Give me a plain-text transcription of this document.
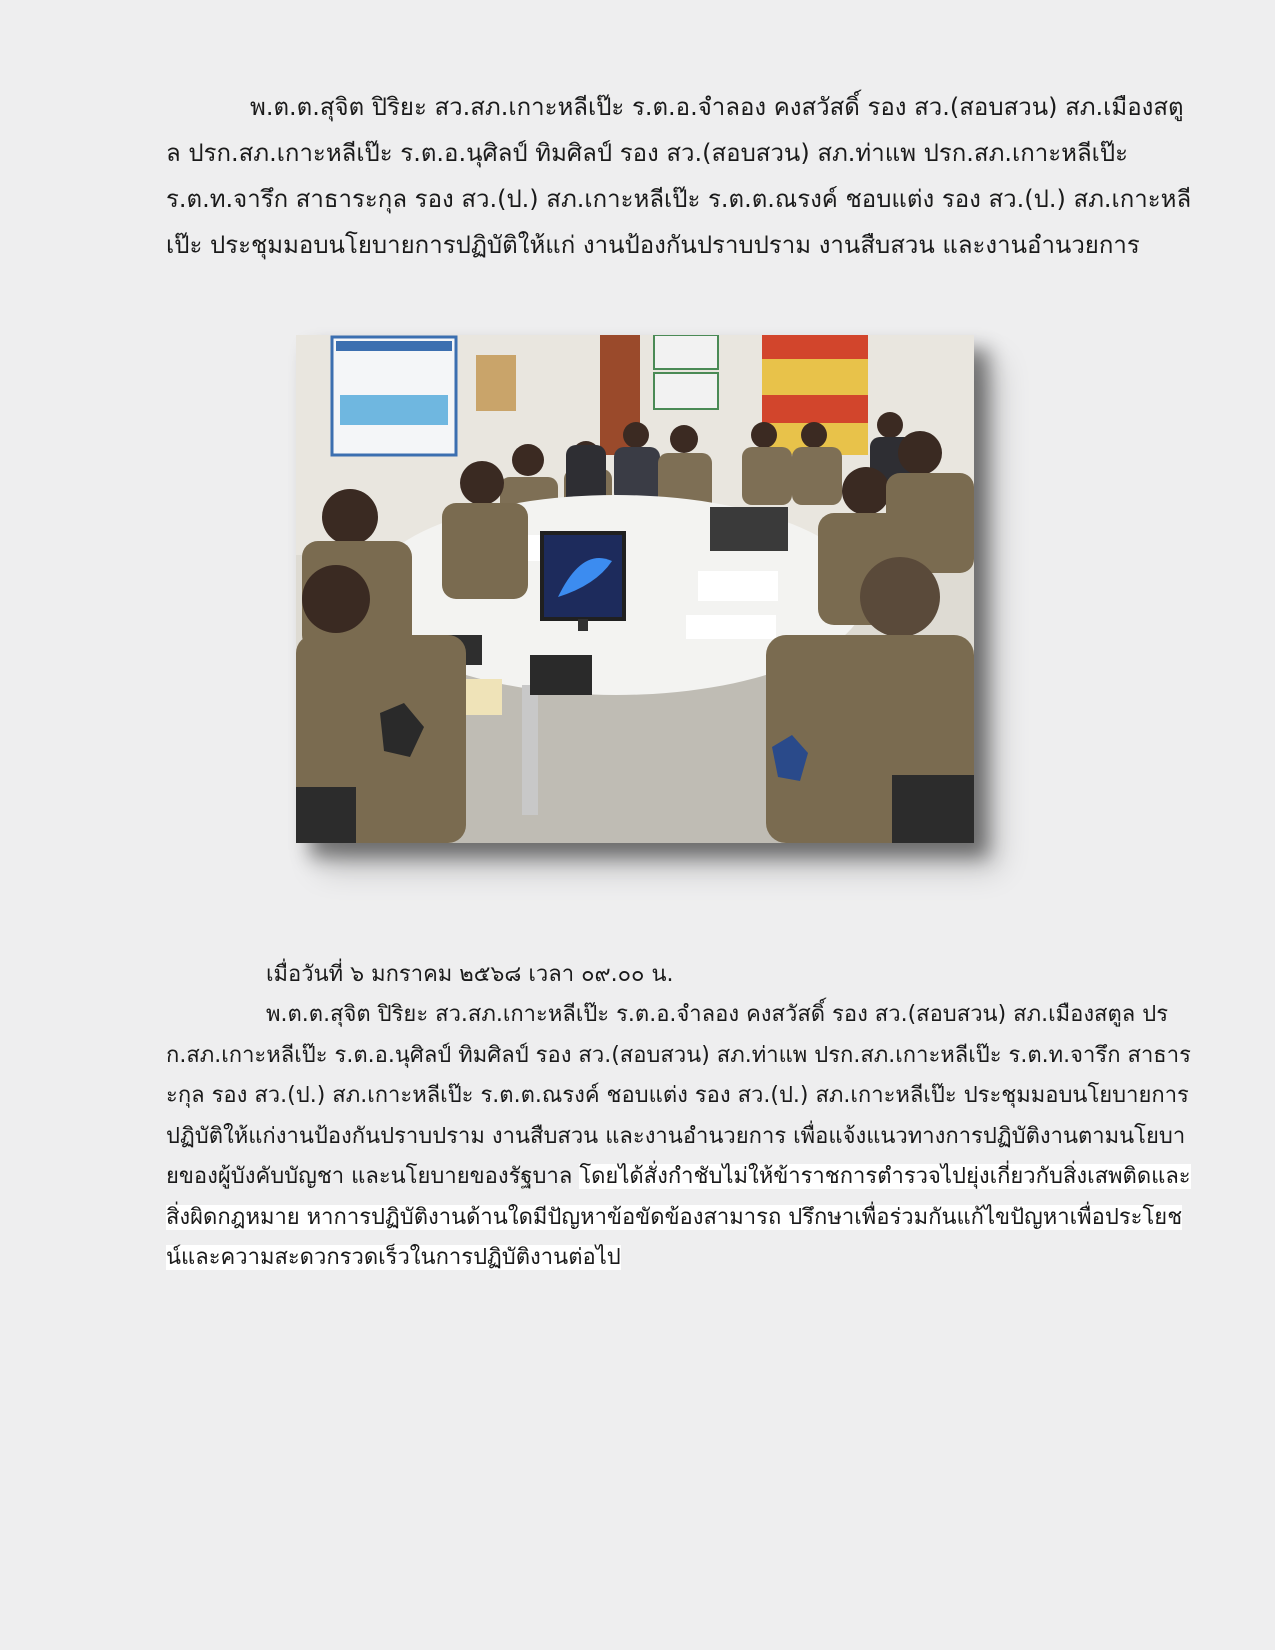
พ.ต.ต.สุจิต ปิริยะ สว.สภ.เกาะหลีเป๊ะ ร.ต.อ.จำลอง คงสวัสดิ์ รอง สว.(สอบสวน) สภ.เมืองสตูล ปรก.สภ.เกาะหลีเป๊ะ ร.ต.อ.นุศิลป์ ทิมศิลป์ รอง สว.(สอบสวน) สภ.ท่าแพ ปรก.สภ.เกาะหลีเป๊ะ ร.ต.ท.จารึก สาธาระกุล รอง สว.(ป.) สภ.เกาะหลีเป๊ะ ร.ต.ต.ณรงค์ ชอบแต่ง รอง สว.(ป.) สภ.เกาะหลีเป๊ะ ประชุมมอบนโยบายการปฏิบัติให้แก่ งานป้องกันปราบปราม งานสืบสวน และงานอำนวยการ

เมื่อวันที่ ๖ มกราคม ๒๕๖๘ เวลา ๐๙.๐๐ น.

พ.ต.ต.สุจิต ปิริยะ สว.สภ.เกาะหลีเป๊ะ ร.ต.อ.จำลอง คงสวัสดิ์ รอง สว.(สอบสวน) สภ.เมืองสตูล ปรก.สภ.เกาะหลีเป๊ะ ร.ต.อ.นุศิลป์ ทิมศิลป์ รอง สว.(สอบสวน) สภ.ท่าแพ ปรก.สภ.เกาะหลีเป๊ะ ร.ต.ท.จารึก สาธาระกุล รอง สว.(ป.) สภ.เกาะหลีเป๊ะ ร.ต.ต.ณรงค์ ชอบแต่ง รอง สว.(ป.) สภ.เกาะหลีเป๊ะ ประชุมมอบนโยบายการปฏิบัติให้แก่งานป้องกันปราบปราม งานสืบสวน และงานอำนวยการ เพื่อแจ้งแนวทางการปฏิบัติงานตามนโยบายของผู้บังคับบัญชา และนโยบายของรัฐบาล โดยได้สั่งกำชับไม่ให้ข้าราชการตำรวจไปยุ่งเกี่ยวกับสิ่งเสพติดและสิ่งผิดกฎหมาย หาการปฏิบัติงานด้านใดมีปัญหาข้อขัดข้องสามารถ ปรึกษาเพื่อร่วมกันแก้ไขปัญหาเพื่อประโยชน์และความสะดวกรวดเร็วในการปฏิบัติงานต่อไป
